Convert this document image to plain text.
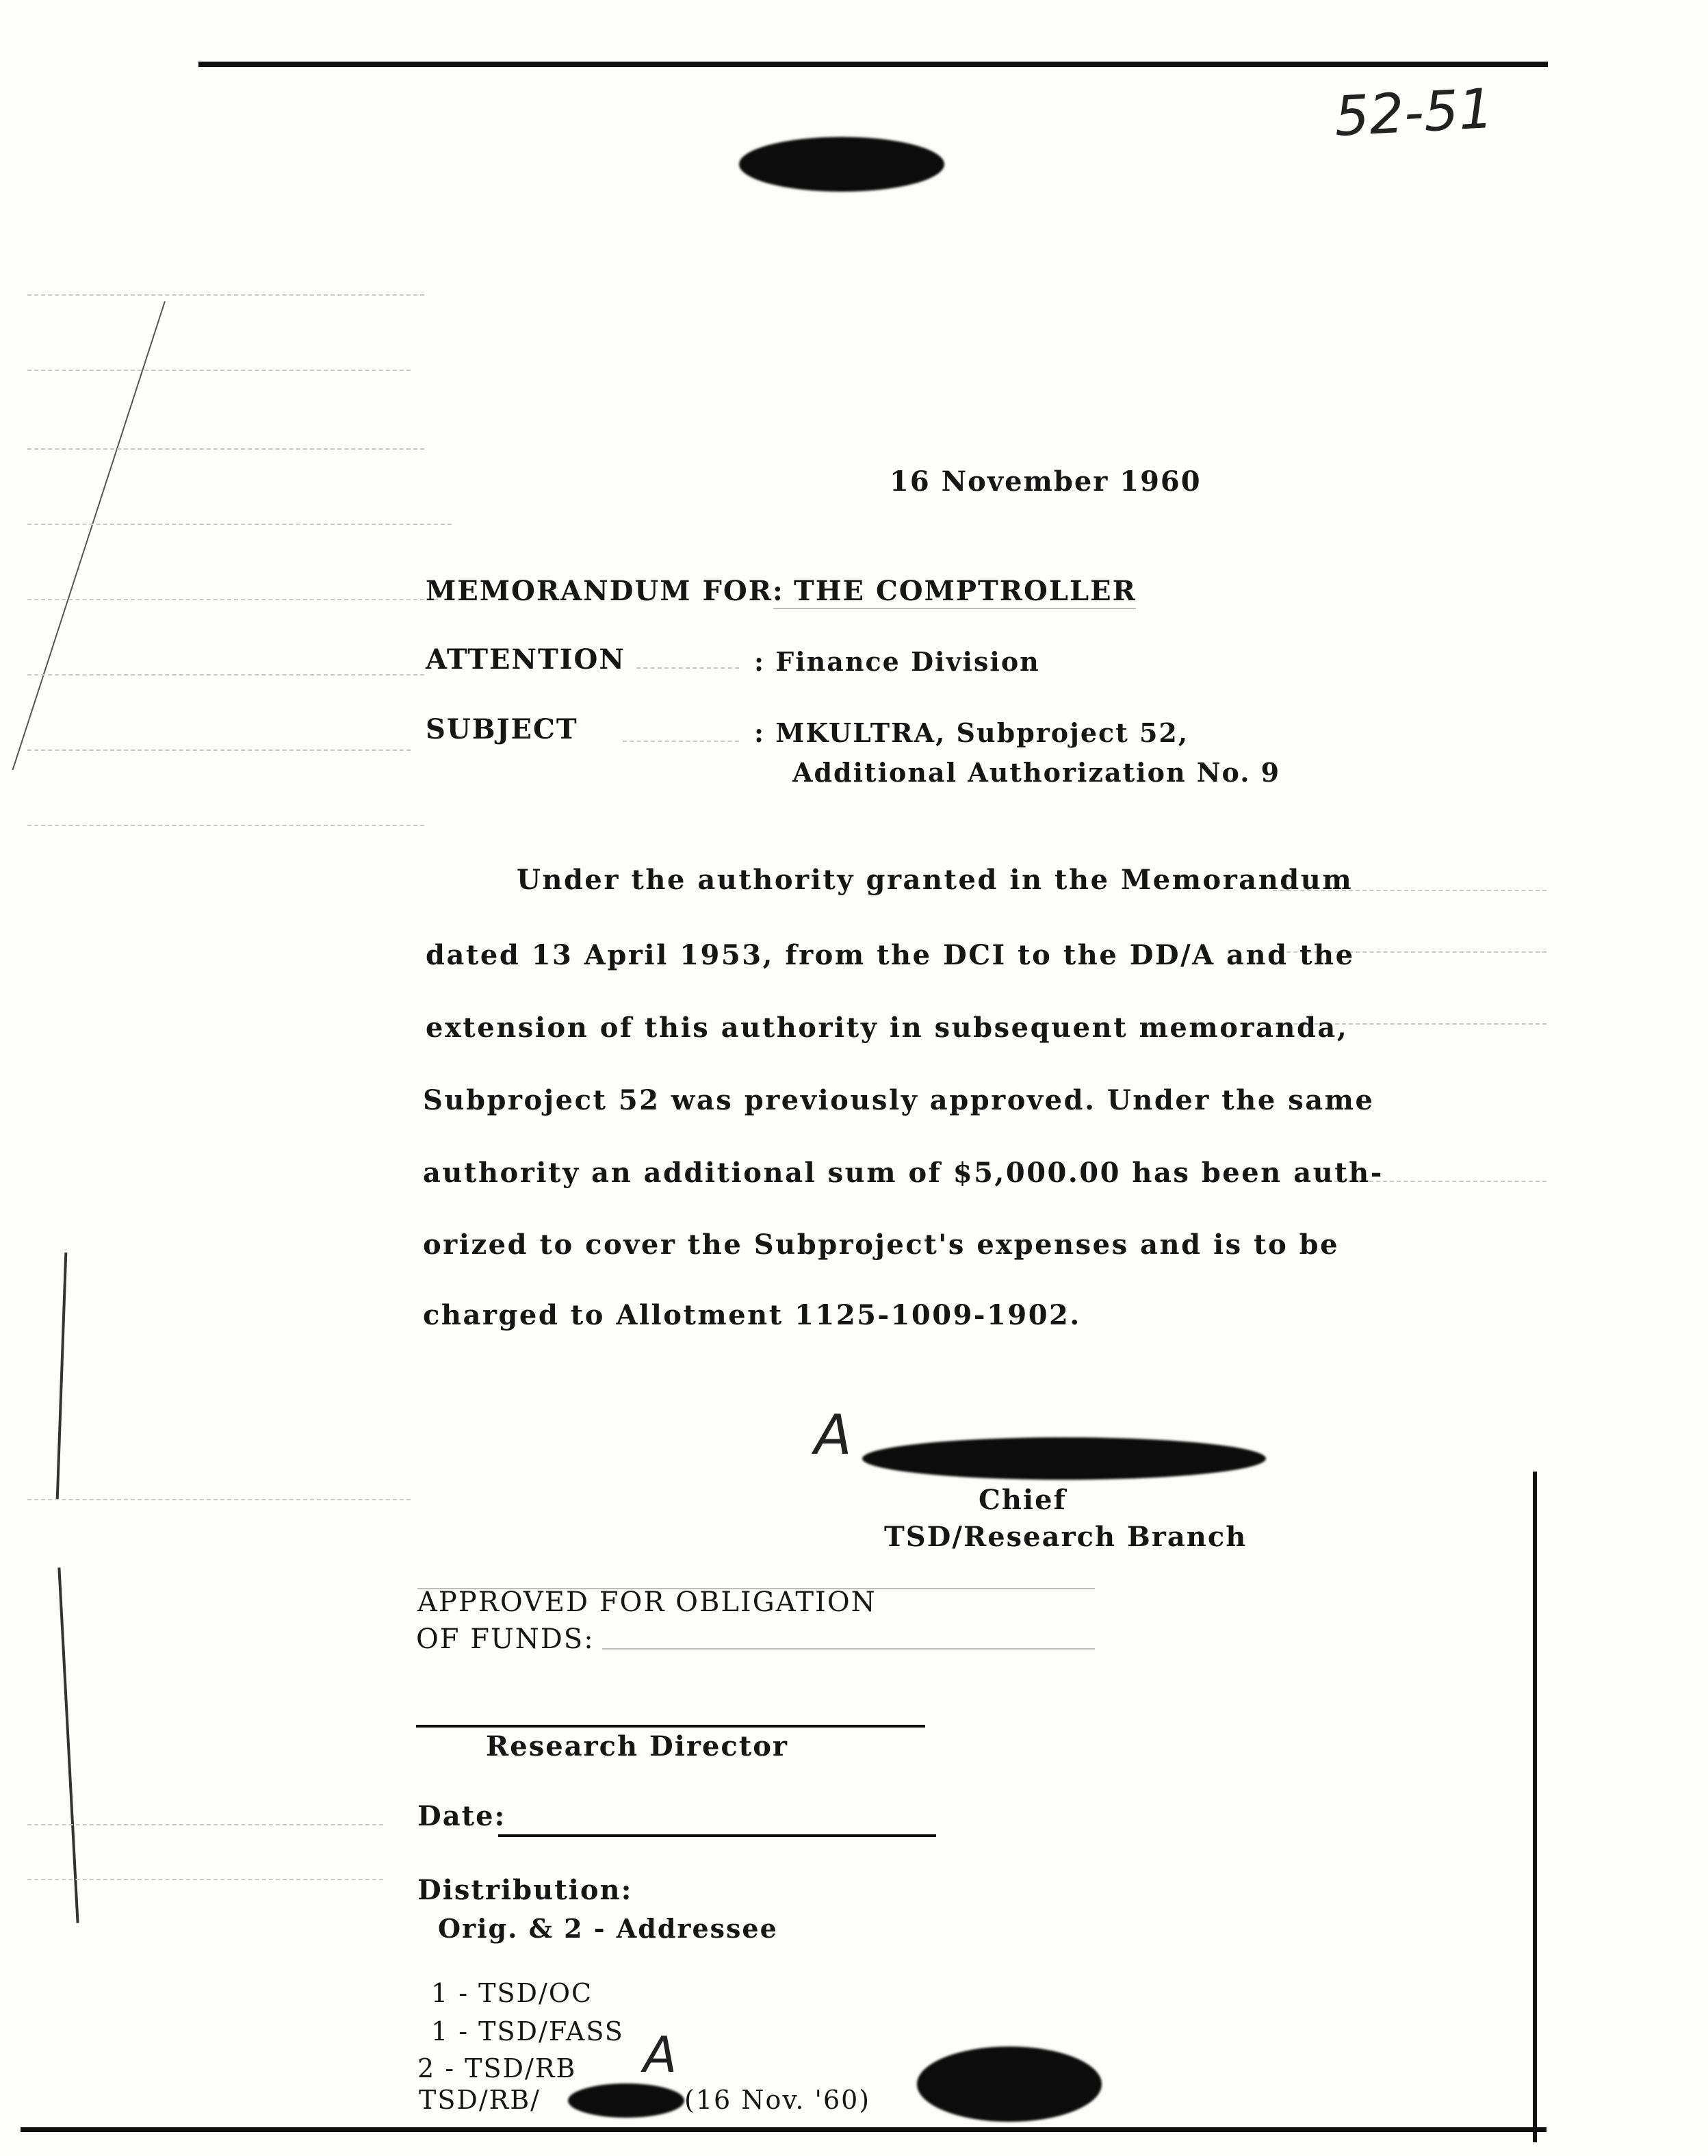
52-51
16 November 1960
MEMORANDUM FOR: THE COMPTROLLER
ATTENTION	: Finance Division
SUBJECT	: MKULTRA, Subproject 52,
Additional Authorization No. 9
Under the authority granted in the Memorandum
dated 13 April 1953, from the DCI to the DD/A and the
extension of this authority in subsequent memoranda,
Subproject 52 was previously approved. Under the same
authority an additional sum of $5,000.00 has been auth-
orized to cover the Subproject's expenses and is to be
charged to Allotment 1125-1009-1902.
A
Chief
TSD/Research Branch
APPROVED FOR OBLIGATION
OF FUNDS:
Research Director
Date:
Distribution:
Orig. & 2 - Addressee
1 - TSD/OC
1 - TSD/FASS
2 - TSD/RB A
TSD/RB/	(16 Nov. '60)
